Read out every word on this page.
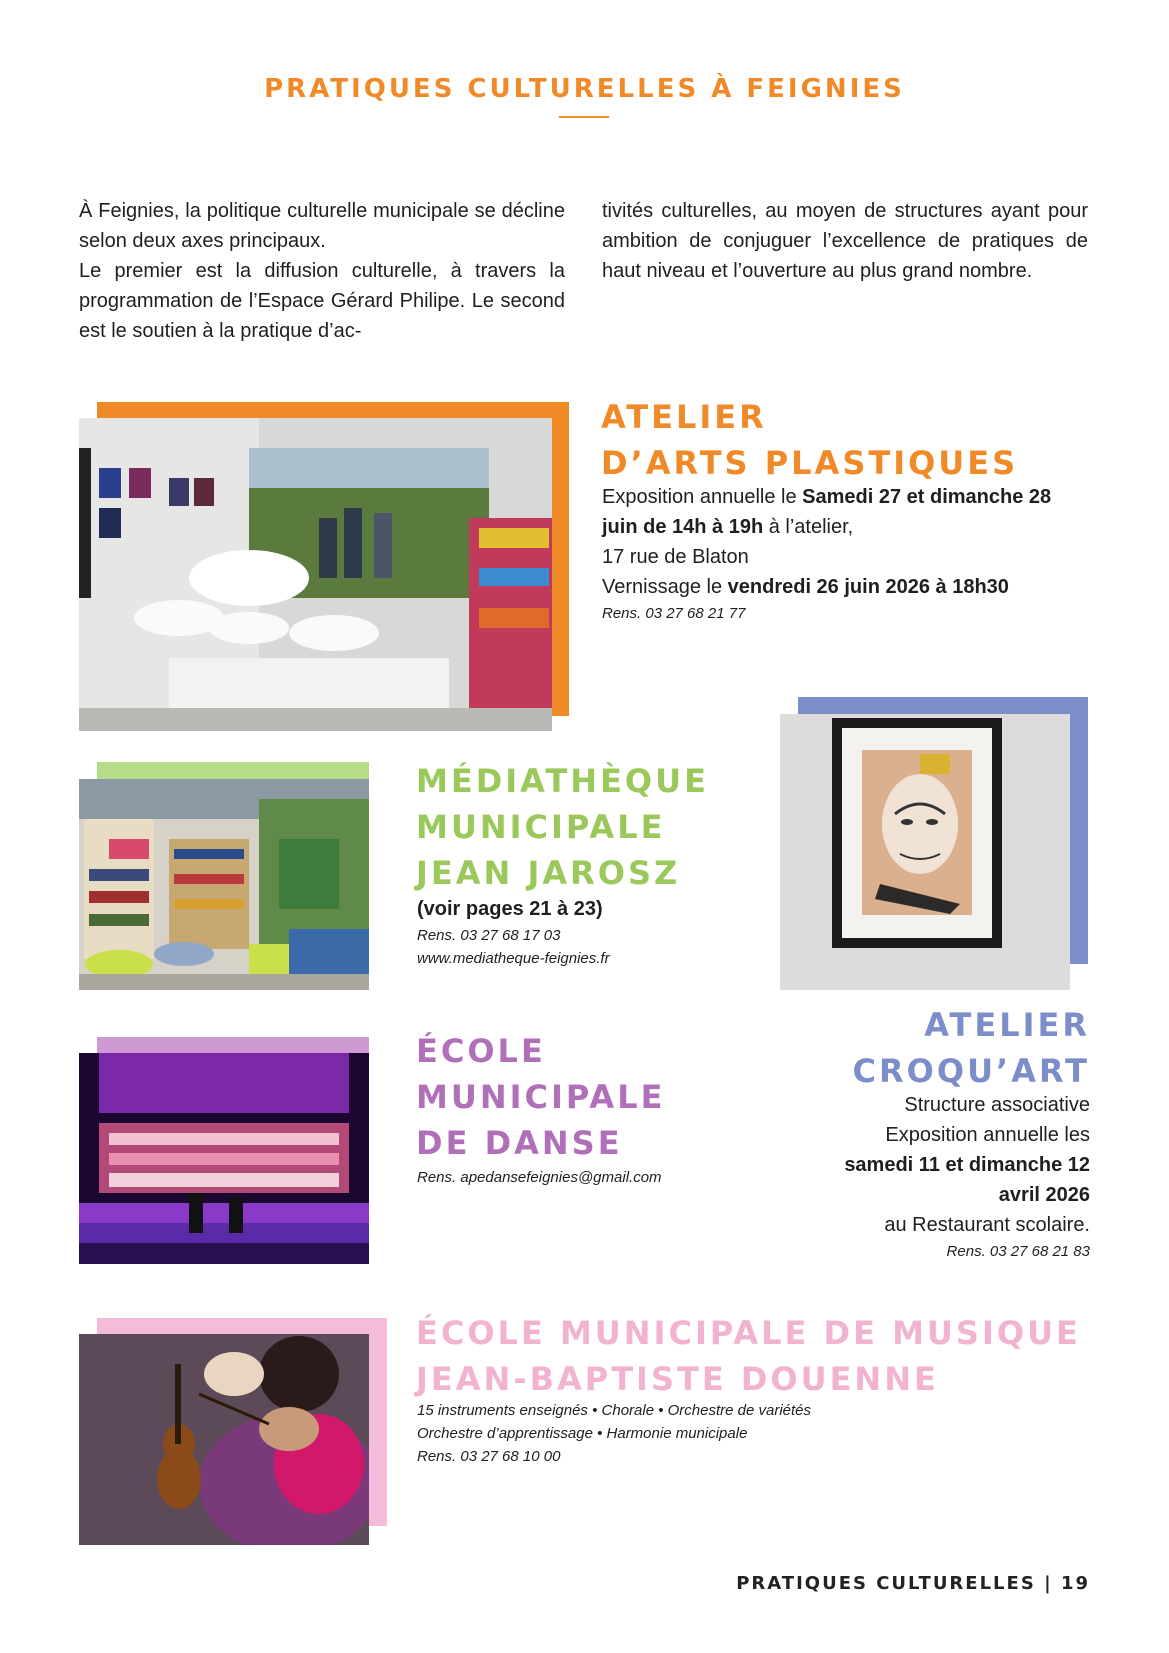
PRATIQUES CULTURELLES À FEIGNIES

À Feignies, la politique culturelle municipale se décline selon deux axes principaux.

Le premier est la diffusion culturelle, à travers la programmation de l’Espace Gérard Philipe. Le second est le soutien à la pratique d’ac-

tivités culturelles, au moyen de structures ayant pour ambition de conjuguer l’excellence de pratiques de haut niveau et l’ouverture au plus grand nombre.

ATELIER
D’ARTS PLASTIQUES

Exposition annuelle le Samedi 27 et dimanche 28 juin de 14h à 19h à l’atelier,

17 rue de Blaton

Vernissage le vendredi 26 juin 2026 à 18h30

Rens. 03 27 68 21 77

MÉDIATHÈQUE
MUNICIPALE
JEAN JAROSZ

(voir pages 21 à 23)

Rens. 03 27 68 17 03

www.mediatheque-feignies.fr

ATELIER
CROQU’ART

Structure associative

Exposition annuelle les

samedi 11 et dimanche 12

avril 2026

au Restaurant scolaire.

Rens. 03 27 68 21 83

ÉCOLE
MUNICIPALE
DE DANSE

Rens. apedansefeignies@gmail.com

ÉCOLE MUNICIPALE DE MUSIQUE
JEAN-BAPTISTE DOUENNE

15 instruments enseignés • Chorale • Orchestre de variétés

Orchestre d’apprentissage • Harmonie municipale

Rens. 03 27 68 10 00

PRATIQUES CULTURELLES | 19
